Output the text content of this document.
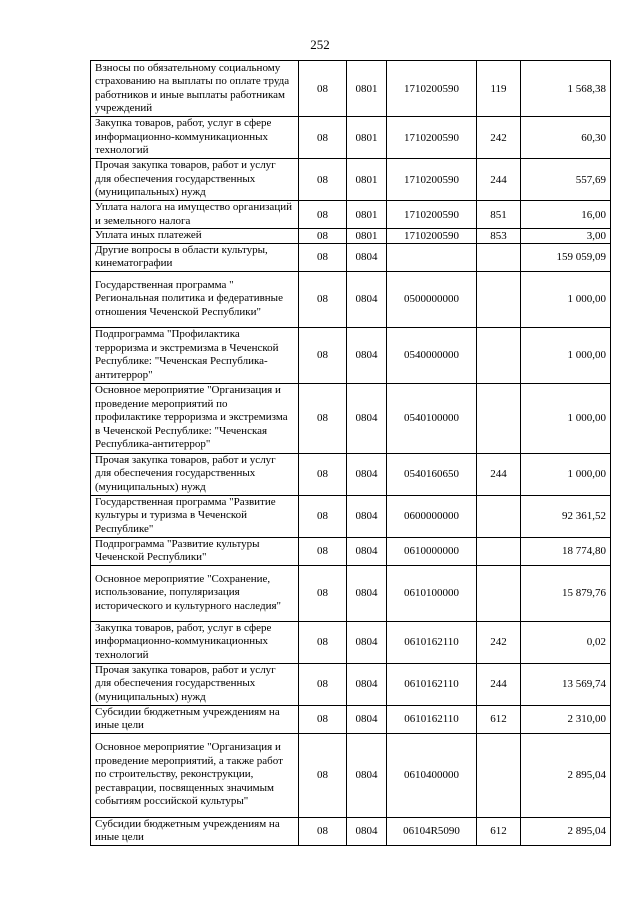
252
Взносы по обязательному социальному страхованию на выплаты по оплате труда работников и иные выплаты работникам учреждений	08	0801	1710200590	119	1 568,38
Закупка товаров, работ, услуг в сфере информационно-коммуникационных технологий	08	0801	1710200590	242	60,30
Прочая закупка товаров, работ и услуг для обеспечения государственных (муниципальных) нужд	08	0801	1710200590	244	557,69
Уплата налога на имущество организаций и земельного налога	08	0801	1710200590	851	16,00
Уплата иных платежей	08	0801	1710200590	853	3,00
Другие вопросы в области культуры, кинематографии	08	0804			159 059,09
Государственная программа " Региональная политика и федеративные отношения Чеченской Республики"	08	0804	0500000000		1 000,00
Подпрограмма "Профилактика терроризма и экстремизма в Чеченской Республике: "Чеченская Республика-антитеррор"	08	0804	0540000000		1 000,00
Основное мероприятие "Организация и проведение мероприятий по профилактике терроризма и экстремизма в Чеченской Республике: "Чеченская Республика-антитеррор"	08	0804	0540100000		1 000,00
Прочая закупка товаров, работ и услуг для обеспечения государственных (муниципальных) нужд	08	0804	0540160650	244	1 000,00
Государственная программа "Развитие культуры и туризма в Чеченской Республике"	08	0804	0600000000		92 361,52
Подпрограмма "Развитие культуры Чеченской Республики"	08	0804	0610000000		18 774,80
Основное мероприятие "Сохранение, использование, популяризация исторического и культурного наследия"	08	0804	0610100000		15 879,76
Закупка товаров, работ, услуг в сфере информационно-коммуникационных технологий	08	0804	0610162110	242	0,02
Прочая закупка товаров, работ и услуг для обеспечения государственных (муниципальных) нужд	08	0804	0610162110	244	13 569,74
Субсидии бюджетным учреждениям на иные цели	08	0804	0610162110	612	2 310,00
Основное мероприятие "Организация и проведение мероприятий, а также работ по строительству, реконструкции, реставрации, посвященных значимым событиям российской культуры"	08	0804	0610400000		2 895,04
Субсидии бюджетным учреждениям на иные цели	08	0804	06104R5090	612	2 895,04
